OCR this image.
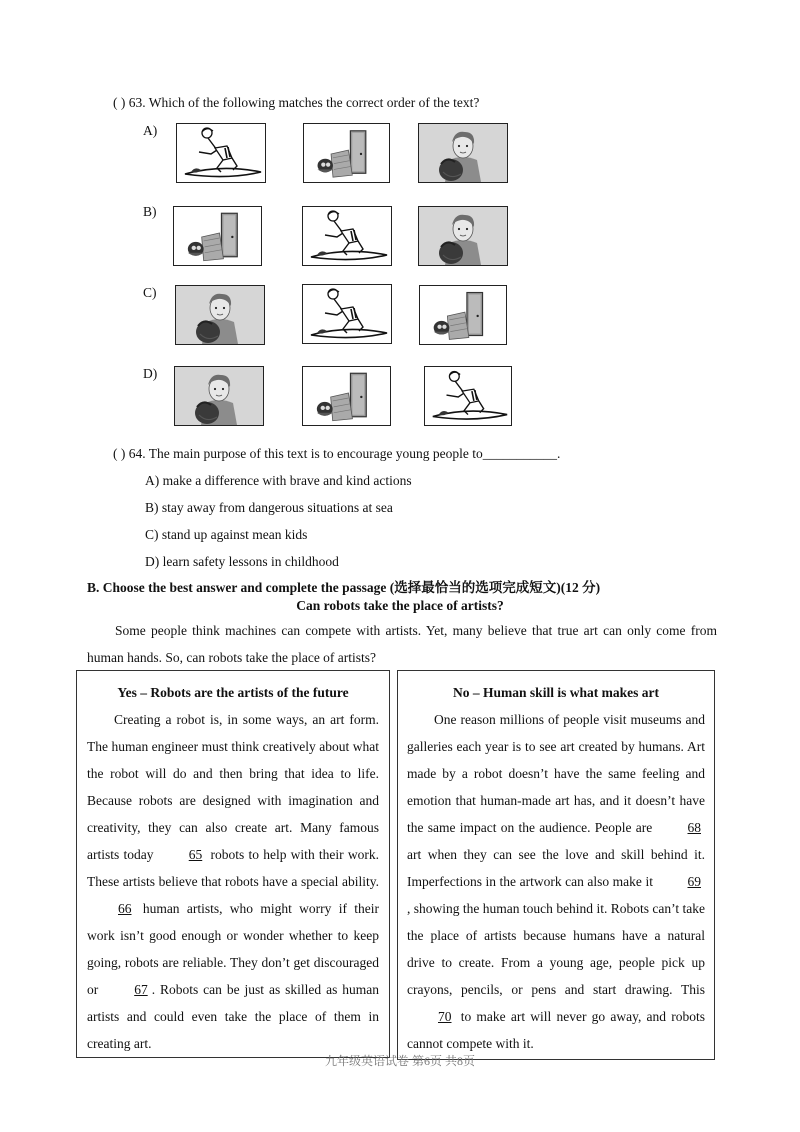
( ) 63. Which of the following matches the correct order of the text?
A)
B)
C)
D)
( ) 64. The main purpose of this text is to encourage young people to___________.
A) make a difference with brave and kind actions
B) stay away from dangerous situations at sea
C) stand up against mean kids
D) learn safety lessons in childhood
B. Choose the best answer and complete the passage (选择最恰当的选项完成短文)(12 分)
Can robots take the place of artists?
Some people think machines can compete with artists. Yet, many believe that true art can only come from human hands. So, can robots take the place of artists?
Yes – Robots are the artists of the future
Creating a robot is, in some ways, an art form. The human engineer must think creatively about what the robot will do and then bring that idea to life. Because robots are designed with imagination and creativity, they can also create art. Many famous artists today	65 robots to help with their work. These artists believe that robots have a special ability. 66 human artists, who might worry if their work isn’t good enough or wonder whether to keep going, robots are reliable. They don’t get discouraged or	67 . Robots can be just as skilled as human artists and could even take the place of them in creating art.
No – Human skill is what makes art
One reason millions of people visit museums and galleries each year is to see art created by humans. Art made by a robot doesn’t have the same feeling and emotion that human-made art has, and it doesn’t have the same impact on the audience. People are	68 art when they can see the love and skill behind it. Imperfections in the artwork can also make it	69, showing the human touch behind it. Robots can’t take the place of artists because humans have a natural drive to create. From a young age, people pick up crayons, pencils, or pens and start drawing. This 70 to make art will never go away, and robots cannot compete with it.
九年级英语试卷 第6页 共8页
